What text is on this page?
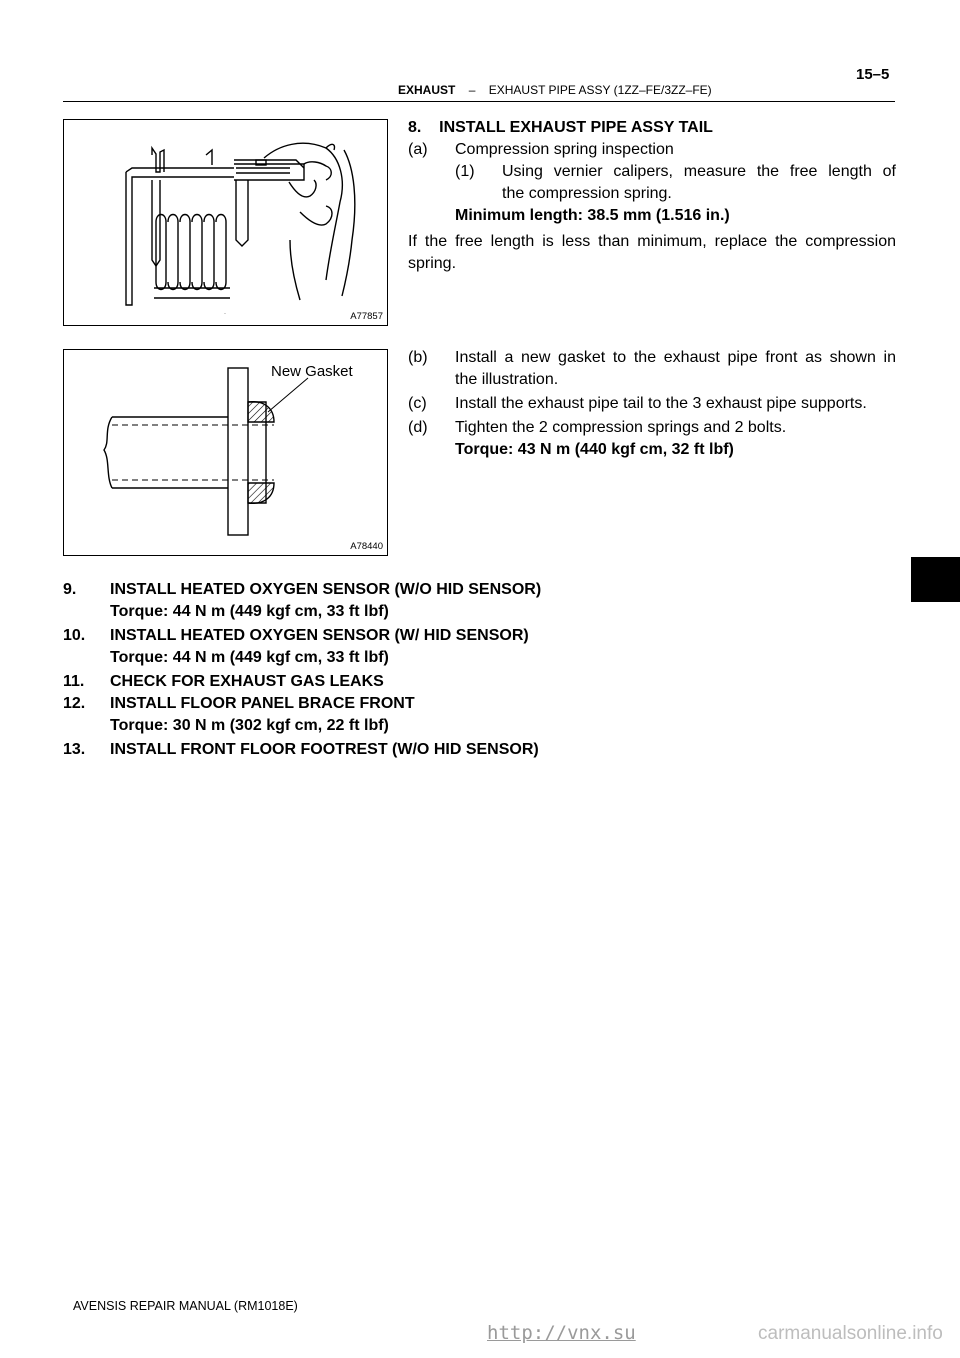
15–5
EXHAUST – EXHAUST PIPE ASSY (1ZZ–FE/3ZZ–FE)
·	A77857
New Gasket
A78440
8.    INSTALL EXHAUST PIPE ASSY TAIL
(a) Compression spring inspection
(1) Using vernier calipers, measure the free length of
the compression spring.
Minimum length: 38.5 mm (1.516 in.)
If the free length is less than minimum, replace the compression spring.
(b) Install a new gasket to the exhaust pipe front as shown in
the illustration.
(c) Install the exhaust pipe tail to the 3 exhaust pipe supports.
(d) Tighten the 2 compression springs and 2 bolts.
Torque: 43 N m (440 kgf cm, 32 ft lbf)
9. INSTALL HEATED OXYGEN SENSOR (W/O HID SENSOR)
Torque: 44 N m (449 kgf cm, 33 ft lbf)
10. INSTALL HEATED OXYGEN SENSOR (W/ HID SENSOR)
Torque: 44 N m (449 kgf cm, 33 ft lbf)
11. CHECK FOR EXHAUST GAS LEAKS
12. INSTALL FLOOR PANEL BRACE FRONT
Torque: 30 N m (302 kgf cm, 22 ft lbf)
13. INSTALL FRONT FLOOR FOOTREST (W/O HID SENSOR)
AVENSIS REPAIR MANUAL (RM1018E)
http://vnx.su	carmanualsonline.info
